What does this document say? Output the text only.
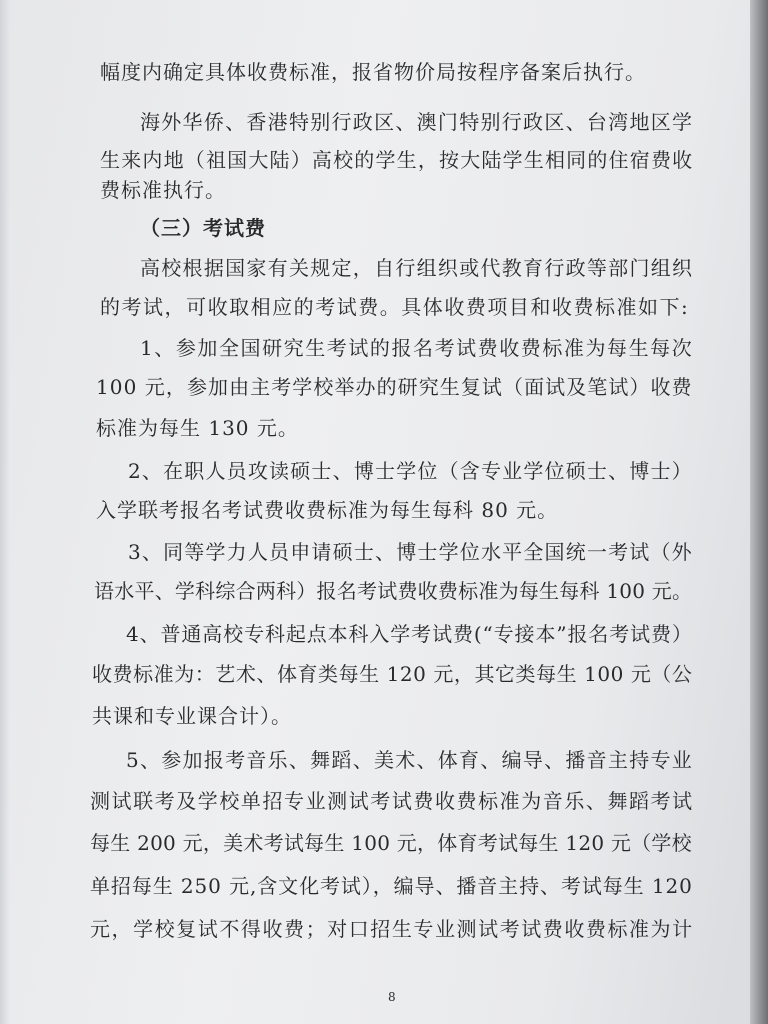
幅度内确定具体收费标准，报省物价局按程序备案后执行。
海外华侨、香港特别行政区、澳门特别行政区、台湾地区学
生来内地（祖国大陆）高校的学生，按大陆学生相同的住宿费收
费标准执行。
（三）考试费
高校根据国家有关规定，自行组织或代教育行政等部门组织
的考试，可收取相应的考试费。具体收费项目和收费标准如下:
1、参加全国研究生考试的报名考试费收费标准为每生每次
100 元，参加由主考学校举办的研究生复试（面试及笔试）收费
标准为每生 130 元。
2、在职人员攻读硕士、博士学位（含专业学位硕士、博士）
入学联考报名考试费收费标准为每生每科 80 元。
3、同等学力人员申请硕士、博士学位水平全国统一考试（外
语水平、学科综合两科）报名考试费收费标准为每生每科 100 元。
4、普通高校专科起点本科入学考试费(“专接本”报名考试费）
收费标准为：艺术、体育类每生 120 元，其它类每生 100 元（公
共课和专业课合计）。
5、参加报考音乐、舞蹈、美术、体育、编导、播音主持专业
测试联考及学校单招专业测试考试费收费标准为音乐、舞蹈考试
每生 200 元，美术考试每生 100 元，体育考试每生 120 元（学校
单招每生 250 元,含文化考试），编导、播音主持、考试每生 120
元，学校复试不得收费；对口招生专业测试考试费收费标准为计
8
